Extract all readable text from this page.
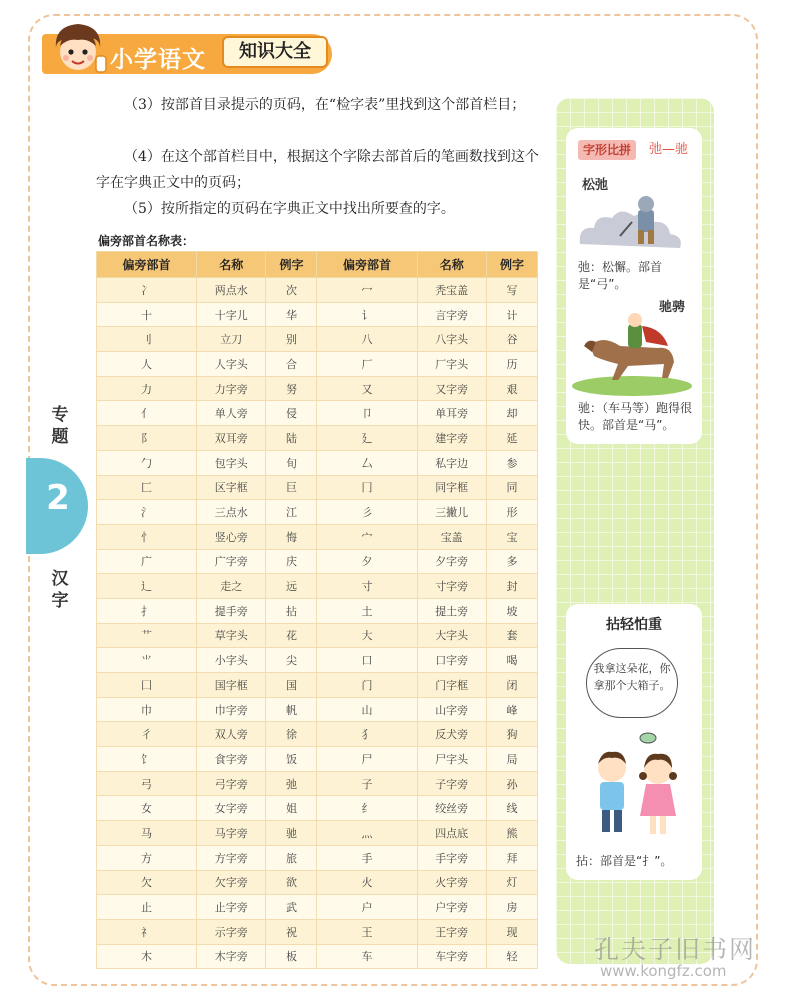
小学语文	知识大全

（3）按部首目录提示的页码，在“检字表”里找到这个部首栏目；

（4）在这个部首栏目中，根据这个字除去部首后的笔画数找到这个字在字典正文中的页码；

（5）按所指定的页码在字典正文中找出所要查的字。

偏旁部首名称表：
偏旁部首	名称	例字	偏旁部首	名称	例字
冫	两点水	次	冖	秃宝盖	写
十	十字儿	华	讠	言字旁	计
刂	立刀	别	八	八字头	谷
人	人字头	合	厂	厂字头	历
力	力字旁	努	又	又字旁	艰
亻	单人旁	侵	卩	单耳旁	却
阝	双耳旁	陆	廴	建字旁	延
勹	包字头	旬	厶	私字边	参
匚	区字框	巨	冂	同字框	同
氵	三点水	江	彡	三撇儿	形
忄	竖心旁	悔	宀	宝盖	宝
广	广字旁	庆	夕	夕字旁	多
辶	走之	远	寸	寸字旁	封
扌	提手旁	拈	土	提土旁	坡
艹	草字头	花	大	大字头	套
⺌	小字头	尖	口	口字旁	喝
囗	国字框	国	门	门字框	闭
巾	巾字旁	帆	山	山字旁	峰
彳	双人旁	徐	犭	反犬旁	狗
饣	食字旁	饭	尸	尸字头	局
弓	弓字旁	弛	子	子字旁	孙
女	女字旁	姐	纟	绞丝旁	线
马	马字旁	驰	灬	四点底	熊
方	方字旁	旅	手	手字旁	拜
欠	欠字旁	欲	火	火字旁	灯
止	止字旁	武	户	户字旁	房
礻	示字旁	祝	王	王字旁	现
木	木字旁	板	车	车字旁	轻
专题
2
汉字
字形比拼	弛—驰
松弛
弛：松懈。部首是“弓”。
驰骋
驰：（车马等）跑得很快。部首是“马”。
拈轻怕重
我拿这朵花，你拿那个大箱子。
拈：部首是“扌”。
孔夫子旧书网
www.kongfz.com
